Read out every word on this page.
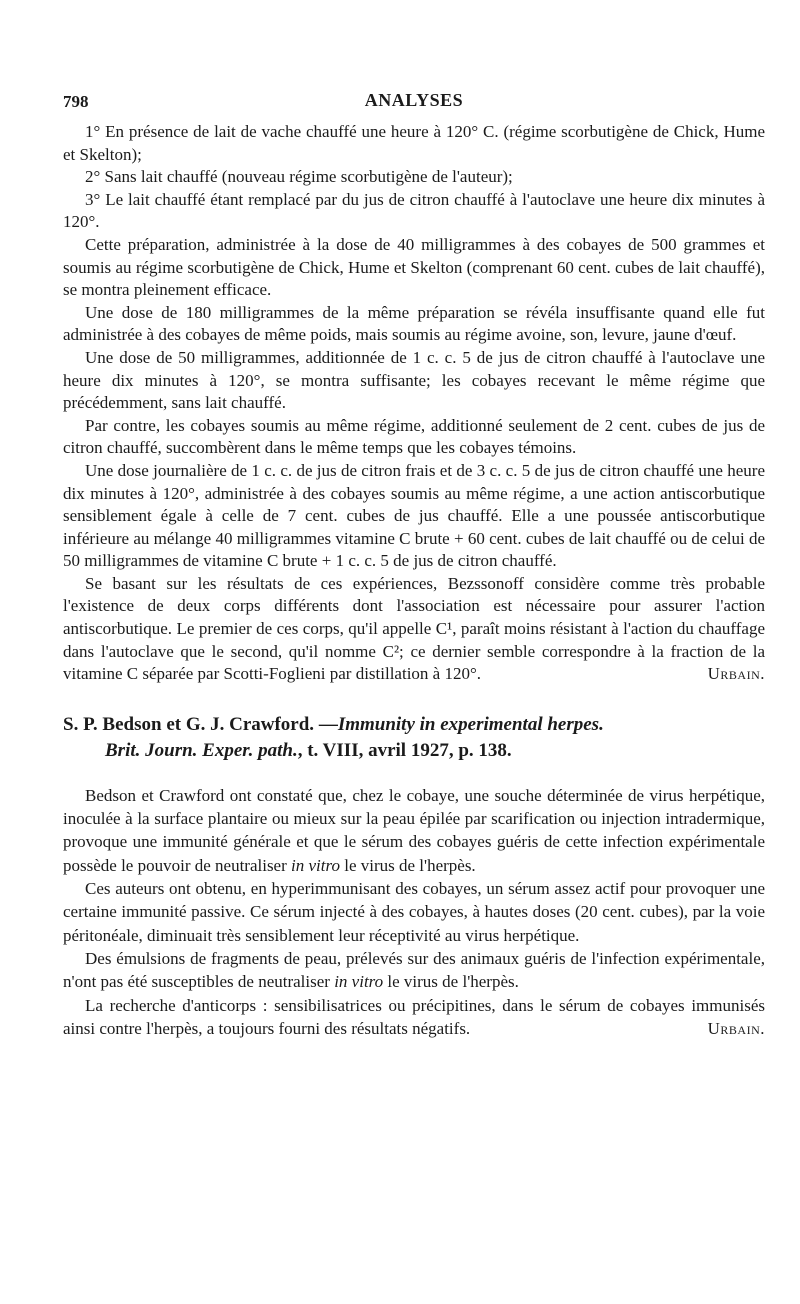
798	ANALYSES

1° En présence de lait de vache chauffé une heure à 120° C. (régime scorbutigène de Chick, Hume et Skelton);

2° Sans lait chauffé (nouveau régime scorbutigène de l'auteur);

3° Le lait chauffé étant remplacé par du jus de citron chauffé à l'autoclave une heure dix minutes à 120°.

Cette préparation, administrée à la dose de 40 milligrammes à des cobayes de 500 grammes et soumis au régime scorbutigène de Chick, Hume et Skelton (comprenant 60 cent. cubes de lait chauffé), se montra pleinement efficace.

Une dose de 180 milligrammes de la même préparation se révéla insuffisante quand elle fut administrée à des cobayes de même poids, mais soumis au régime avoine, son, levure, jaune d'œuf.

Une dose de 50 milligrammes, additionnée de 1 c. c. 5 de jus de citron chauffé à l'autoclave une heure dix minutes à 120°, se montra suffisante; les cobayes recevant le même régime que précédemment, sans lait chauffé.

Par contre, les cobayes soumis au même régime, additionné seulement de 2 cent. cubes de jus de citron chauffé, succombèrent dans le même temps que les cobayes témoins.

Une dose journalière de 1 c. c. de jus de citron frais et de 3 c. c. 5 de jus de citron chauffé une heure dix minutes à 120°, administrée à des cobayes soumis au même régime, a une action antiscorbutique sensiblement égale à celle de 7 cent. cubes de jus chauffé. Elle a une poussée antiscorbutique inférieure au mélange 40 milligrammes vitamine C brute + 60 cent. cubes de lait chauffé ou de celui de 50 milligrammes de vitamine C brute + 1 c. c. 5 de jus de citron chauffé.

Se basant sur les résultats de ces expériences, Bezssonoff considère comme très probable l'existence de deux corps différents dont l'association est nécessaire pour assurer l'action antiscorbutique. Le premier de ces corps, qu'il appelle C¹, paraît moins résistant à l'action du chauffage dans l'autoclave que le second, qu'il nomme C²; ce dernier semble correspondre à la fraction de la vitamine C séparée par Scotti-Foglieni par distillation à 120°.	Urbain.

S. P. Bedson et G. J. Crawford. —Immunity in experimental herpes.
Brit. Journ. Exper. path., t. VIII, avril 1927, p. 138.

Bedson et Crawford ont constaté que, chez le cobaye, une souche déterminée de virus herpétique, inoculée à la surface plantaire ou mieux sur la peau épilée par scarification ou injection intradermique, provoque une immunité générale et que le sérum des cobayes guéris de cette infection expérimentale possède le pouvoir de neutraliser in vitro le virus de l'herpès.

Ces auteurs ont obtenu, en hyperimmunisant des cobayes, un sérum assez actif pour provoquer une certaine immunité passive. Ce sérum injecté à des cobayes, à hautes doses (20 cent. cubes), par la voie péritonéale, diminuait très sensiblement leur réceptivité au virus herpétique.

Des émulsions de fragments de peau, prélevés sur des animaux guéris de l'infection expérimentale, n'ont pas été susceptibles de neutraliser in vitro le virus de l'herpès.

La recherche d'anticorps : sensibilisatrices ou précipitines, dans le sérum de cobayes immunisés ainsi contre l'herpès, a toujours fourni des résultats négatifs.	Urbain.
